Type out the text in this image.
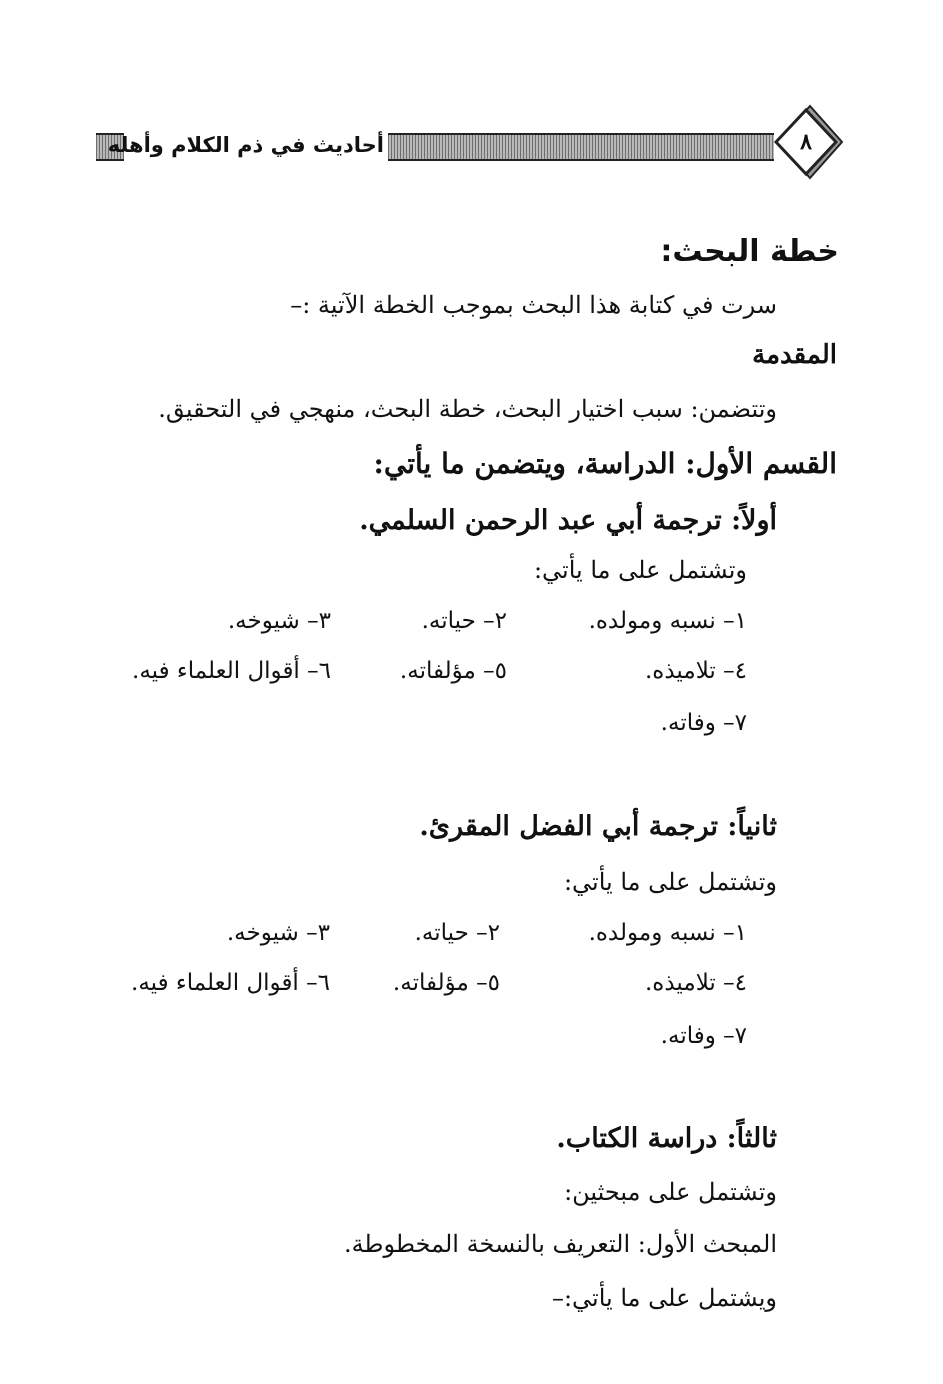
أحاديث في ذم الكلام وأهله	٨
خطة البحث:
سرت في كتابة هذا البحث بموجب الخطة الآتية :–
المقدمة
وتتضمن: سبب اختيار البحث، خطة البحث، منهجي في التحقيق.
القسم الأول: الدراسة، ويتضمن ما يأتي:
أولاً: ترجمة أبي عبد الرحمن السلمي.
وتشتمل على ما يأتي:
١– نسبه ومولده.
٢– حياته.
٣– شيوخه.
٤– تلاميذه.
٥– مؤلفاته.
٦– أقوال العلماء فيه.
٧– وفاته.
ثانياً: ترجمة أبي الفضل المقرئ.
وتشتمل على ما يأتي:
١– نسبه ومولده.
٢– حياته.
٣– شيوخه.
٤– تلاميذه.
٥– مؤلفاته.
٦– أقوال العلماء فيه.
٧– وفاته.
ثالثاً: دراسة الكتاب.
وتشتمل على مبحثين:
المبحث الأول: التعريف بالنسخة المخطوطة.
ويشتمل على ما يأتي:–
